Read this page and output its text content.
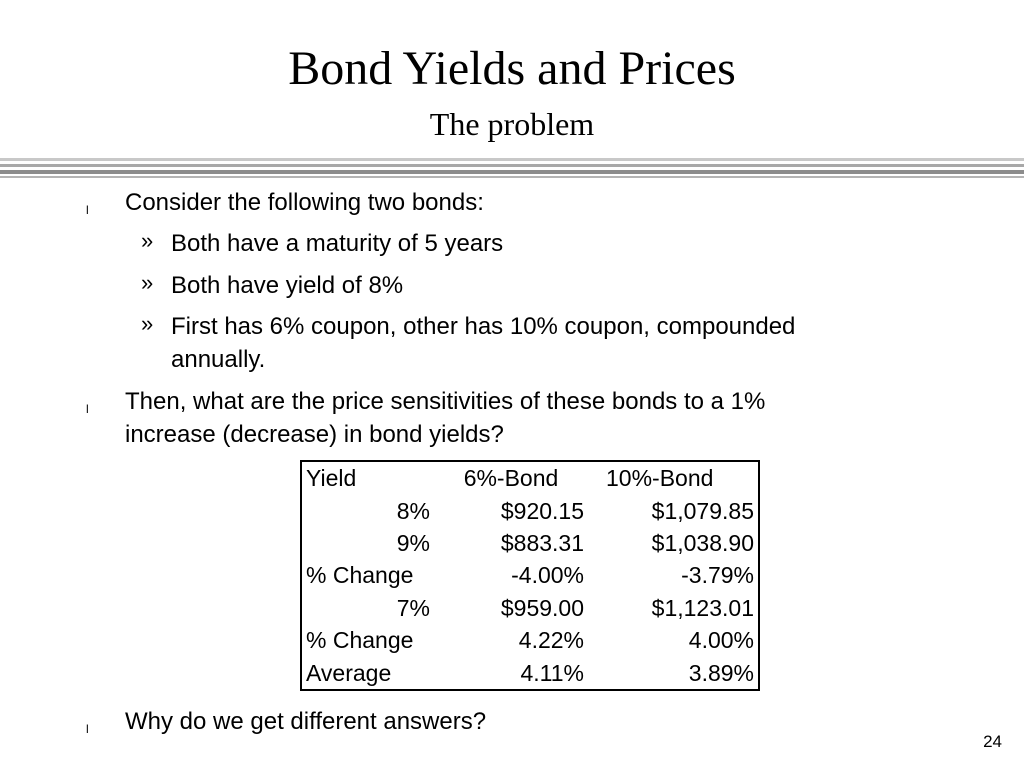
Bond Yields and Prices
The problem
l Consider the following two bonds:
» Both have a maturity of 5 years
» Both have yield of 8%
» First has 6% coupon, other has 10% coupon, compounded
annually.
l Then, what are the price sensitivities of these bonds to a 1%
increase (decrease) in bond yields?
Yield	6%-Bond	10%-Bond
8%	$920.15	$1,079.85
9%	$883.31	$1,038.90
% Change	-4.00%	-3.79%
7%	$959.00	$1,123.01
% Change	4.22%	4.00%
Average	4.11%	3.89%
l Why do we get different answers?
24
